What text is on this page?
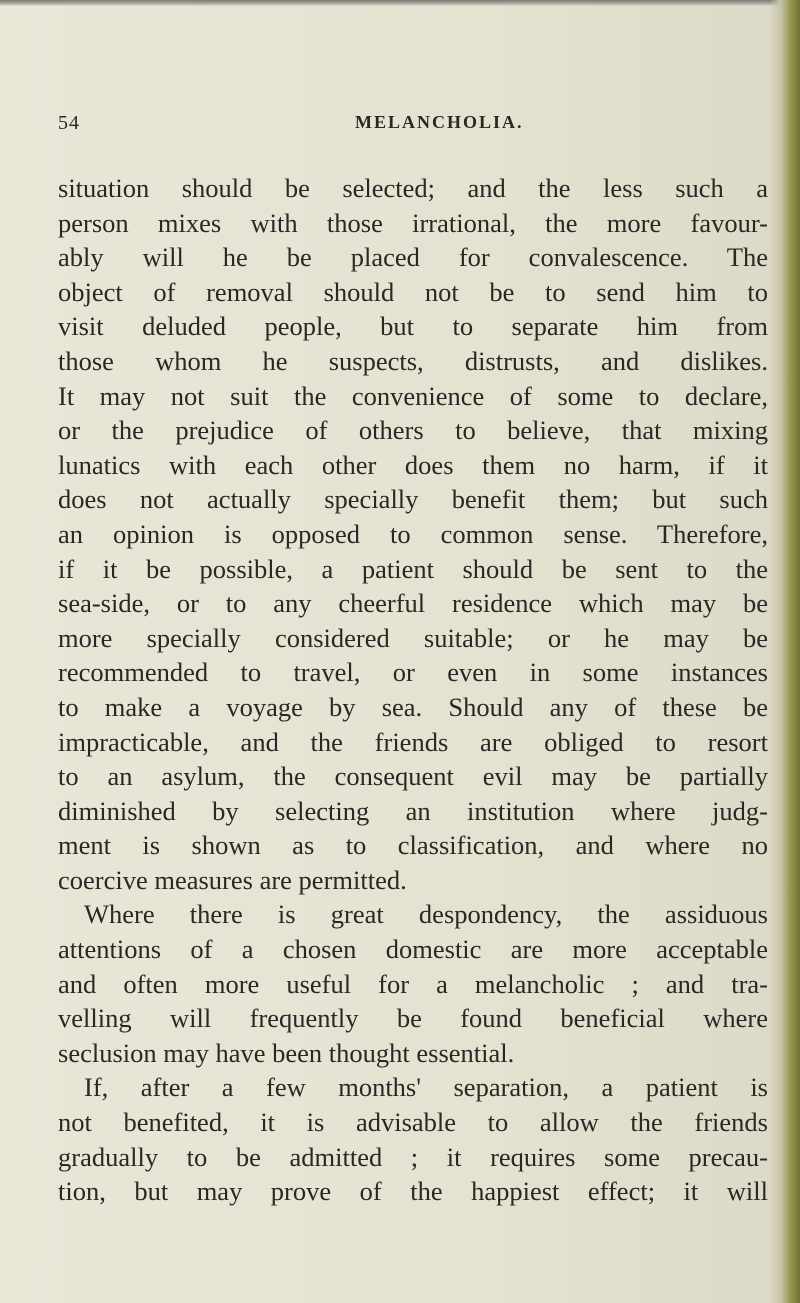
54	MELANCHOLIA.
situation should be selected; and the less such a
person mixes with those irrational, the more favour-
ably will he be placed for convalescence. The
object of removal should not be to send him to
visit deluded people, but to separate him from
those whom he suspects, distrusts, and dislikes.
It may not suit the convenience of some to declare,
or the prejudice of others to believe, that mixing
lunatics with each other does them no harm, if it
does not actually specially benefit them; but such
an opinion is opposed to common sense. Therefore,
if it be possible, a patient should be sent to the
sea-side, or to any cheerful residence which may be
more specially considered suitable; or he may be
recommended to travel, or even in some instances
to make a voyage by sea. Should any of these be
impracticable, and the friends are obliged to resort
to an asylum, the consequent evil may be partially
diminished by selecting an institution where judg-
ment is shown as to classification, and where no
coercive measures are permitted.
Where there is great despondency, the assiduous
attentions of a chosen domestic are more acceptable
and often more useful for a melancholic ; and tra-
velling will frequently be found beneficial where
seclusion may have been thought essential.
If, after a few months' separation, a patient is
not benefited, it is advisable to allow the friends
gradually to be admitted ; it requires some precau-
tion, but may prove of the happiest effect; it will
